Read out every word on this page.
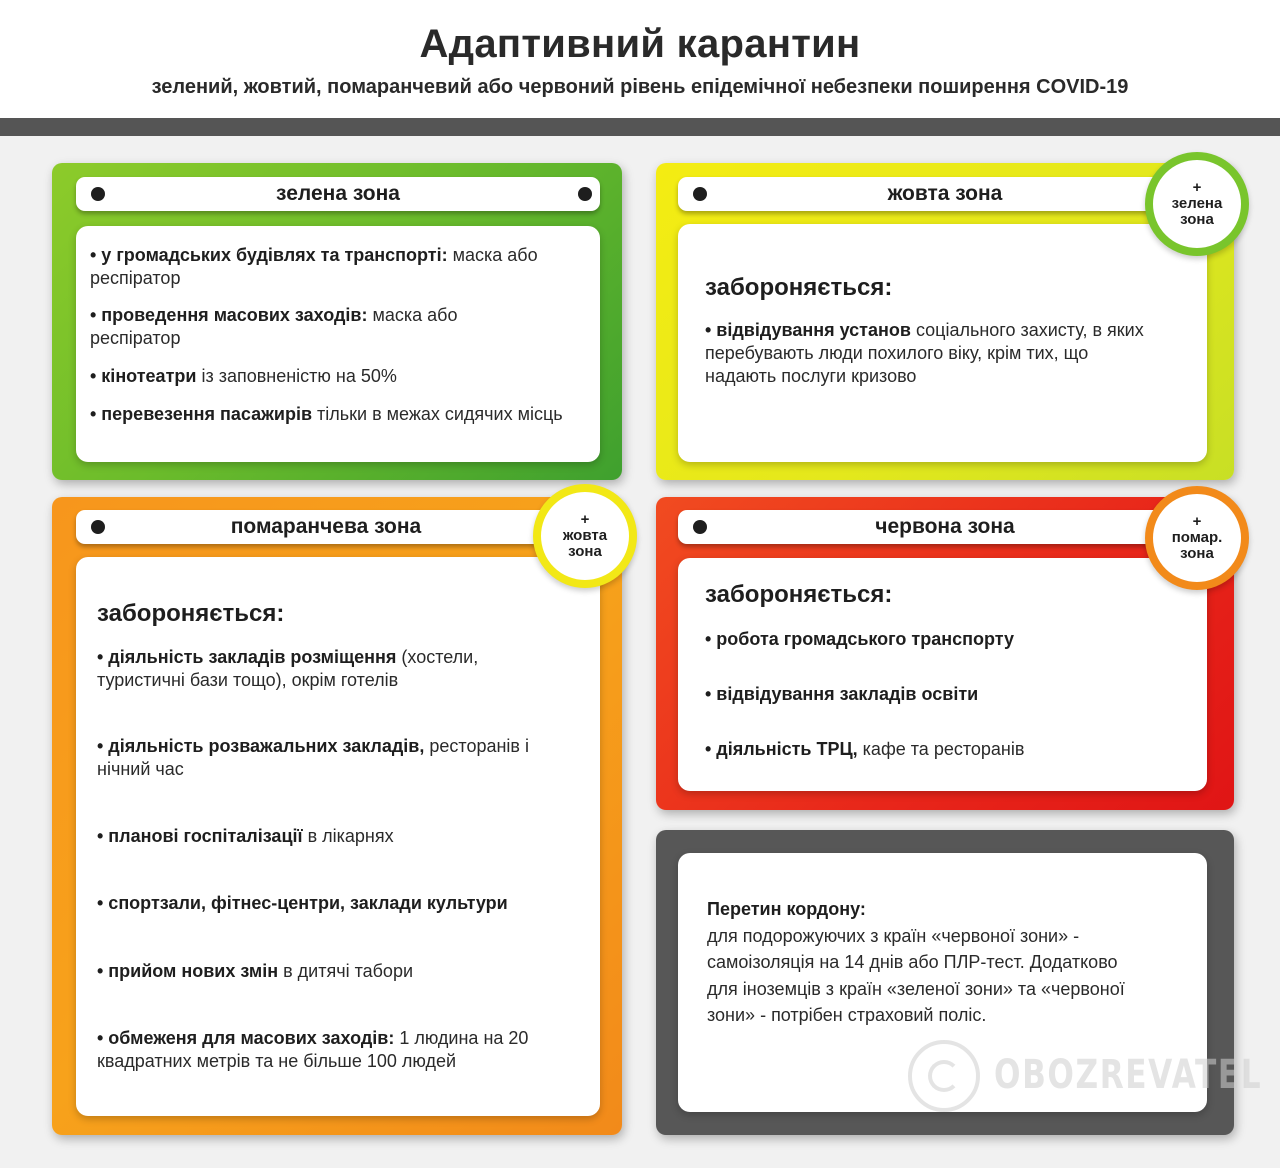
Адаптивний карантин
зелений, жовтий, помаранчевий або червоний рівень епідемічної небезпеки поширення COVID-19
зелена зона
• у громадських будівлях та транспорті: маска або респіратор
• проведення масових заходів: маска або респіратор
• кінотеатри із заповненістю на 50%
• перевезення пасажирів тільки в межах сидячих місць
жовта зона
забороняється:
• відвідування установ соціального захисту, в яких перебувають люди похилого віку, крім тих, що надають послуги кризово
+
зелена
зона
помаранчева зона
забороняється:
• діяльність закладів розміщення (хостели, туристичні бази тощо), окрім готелів
• діяльність розважальних закладів, ресторанів і нічний час
• планові госпіталізації в лікарнях
• спортзали, фітнес-центри, заклади культури
• прийом нових змін в дитячі табори
• обмеженя для масових заходів: 1 людина на 20 квадратних метрів та не більше 100 людей
+
жовта
зона
червона зона
забороняється:
• робота громадського транспорту
• відвідування закладів освіти
• діяльність ТРЦ, кафе та ресторанів
+
помар.
зона
Перетин кордону:
для подорожуючих з країн «червоної зони» - самоізоляція на 14 днів або ПЛР-тест. Додатково для іноземців з країн «зеленої зони» та «червоної зони» - потрібен страховий поліс.
OBOZREVATEL
